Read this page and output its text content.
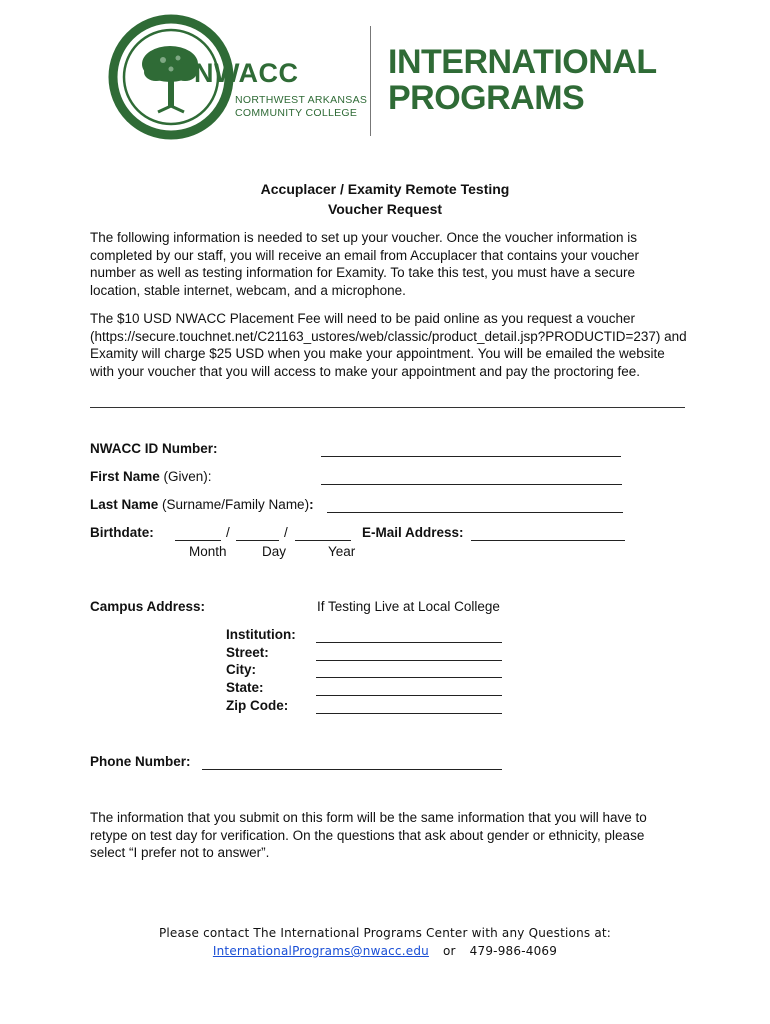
NWACC
NORTHWEST ARKANSAS
COMMUNITY COLLEGE
INTERNATIONAL
PROGRAMS
Accuplacer / Examity Remote Testing
Voucher Request
The following information is needed to set up your voucher. Once the voucher information is completed by our staff, you will receive an email from Accuplacer that contains your voucher number as well as testing information for Examity. To take this test, you must have a secure location, stable internet, webcam, and a microphone.
The $10 USD NWACC Placement Fee will need to be paid online as you request a voucher (https://secure.touchnet.net/C21163_ustores/web/classic/product_detail.jsp?PRODUCTID=237) and Examity will charge $25 USD when you make your appointment. You will be emailed the website with your voucher that you will access to make your appointment and pay the proctoring fee.
NWACC ID Number:
First Name (Given):
Last Name (Surname/Family Name):
Birthdate:	/	/
Month	Day	Year
E-Mail Address:
Campus Address:	If Testing Live at Local College
Institution:
Street:
City:
State:
Zip Code:
Phone Number:
The information that you submit on this form will be the same information that you will have to retype on test day for verification. On the questions that ask about gender or ethnicity, please select “I prefer not to answer”.
Please contact The International Programs Center with any Questions at:
InternationalPrograms@nwacc.edu or 479-986-4069
